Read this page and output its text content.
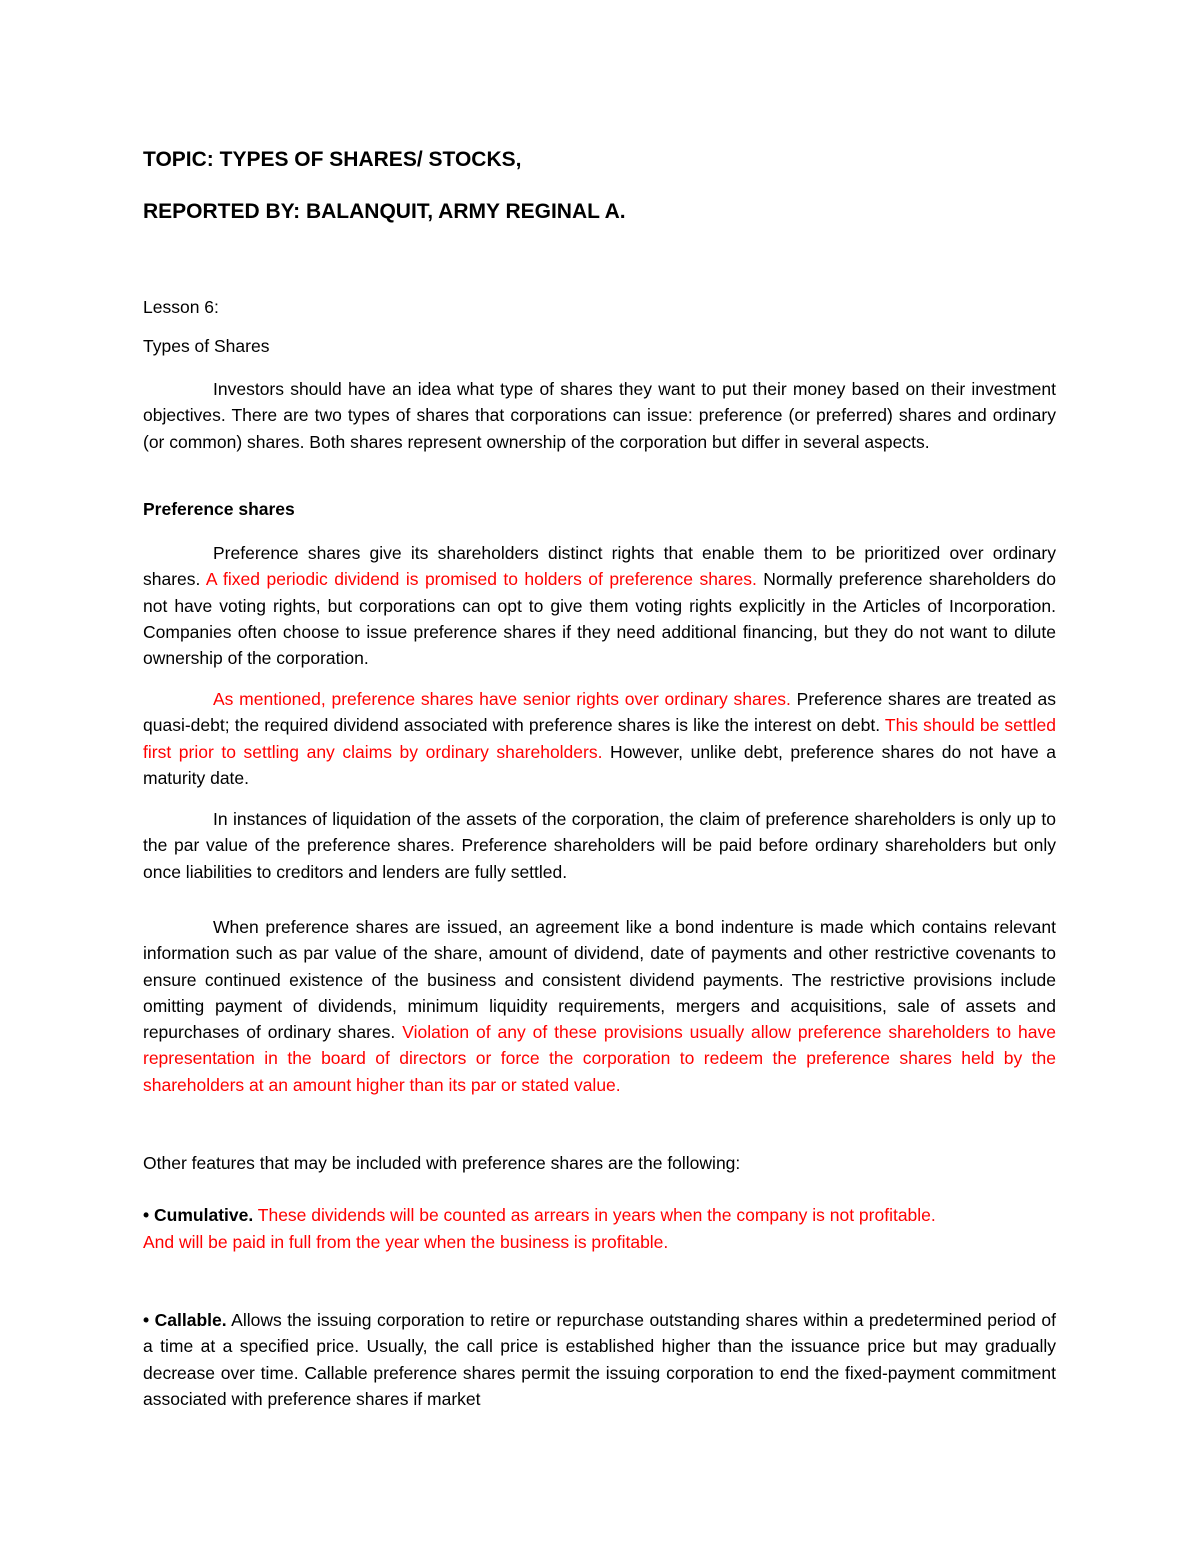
TOPIC: TYPES OF SHARES/ STOCKS,
REPORTED BY: BALANQUIT, ARMY REGINAL A.
Lesson 6:
Types of Shares
Investors should have an idea what type of shares they want to put their money based on their investment objectives. There are two types of shares that corporations can issue: preference (or preferred) shares and ordinary (or common) shares. Both shares represent ownership of the corporation but differ in several aspects.
Preference shares
Preference shares give its shareholders distinct rights that enable them to be prioritized over ordinary shares. A fixed periodic dividend is promised to holders of preference shares. Normally preference shareholders do not have voting rights, but corporations can opt to give them voting rights explicitly in the Articles of Incorporation. Companies often choose to issue preference shares if they need additional financing, but they do not want to dilute ownership of the corporation.
As mentioned, preference shares have senior rights over ordinary shares. Preference shares are treated as quasi-debt; the required dividend associated with preference shares is like the interest on debt. This should be settled first prior to settling any claims by ordinary shareholders. However, unlike debt, preference shares do not have a maturity date.
In instances of liquidation of the assets of the corporation, the claim of preference shareholders is only up to the par value of the preference shares. Preference shareholders will be paid before ordinary shareholders but only once liabilities to creditors and lenders are fully settled.
When preference shares are issued, an agreement like a bond indenture is made which contains relevant information such as par value of the share, amount of dividend, date of payments and other restrictive covenants to ensure continued existence of the business and consistent dividend payments. The restrictive provisions include omitting payment of dividends, minimum liquidity requirements, mergers and acquisitions, sale of assets and repurchases of ordinary shares. Violation of any of these provisions usually allow preference shareholders to have representation in the board of directors or force the corporation to redeem the preference shares held by the shareholders at an amount higher than its par or stated value.
Other features that may be included with preference shares are the following:
• Cumulative. These dividends will be counted as arrears in years when the company is not profitable.
And will be paid in full from the year when the business is profitable.
• Callable. Allows the issuing corporation to retire or repurchase outstanding shares within a predetermined period of a time at a specified price. Usually, the call price is established higher than the issuance price but may gradually decrease over time. Callable preference shares permit the issuing corporation to end the fixed-payment commitment associated with preference shares if market
